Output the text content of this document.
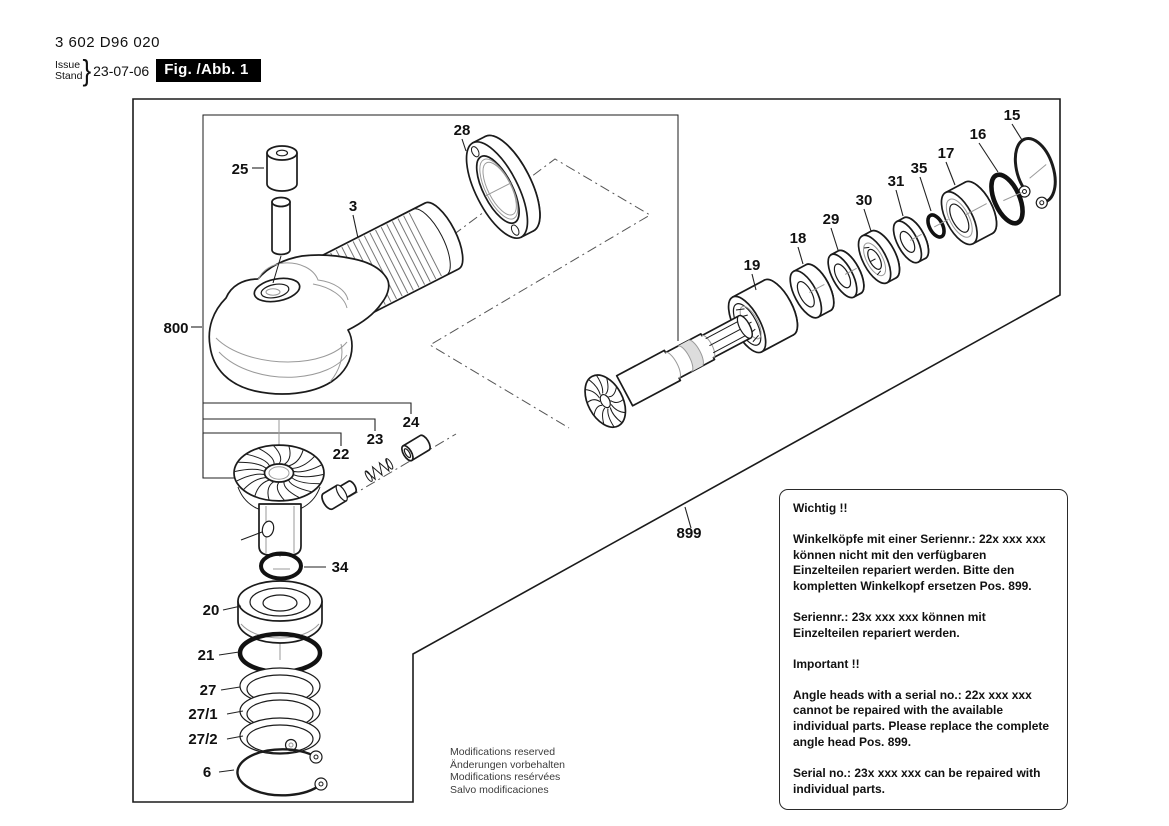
3 602 D96 020
Issue
Stand } 23-07-06	Fig. /Abb. 1
25
3
28
800
24
23
22
34
20
21
27
27/1
27/2
6
899
19
18
29
30
31
35
17
16
15

Wichtig !!

Winkelköpfe mit einer Seriennr.: 22x xxx xxx können nicht mit den verfügbaren Einzelteilen repariert werden. Bitte den kompletten Winkelkopf ersetzen Pos. 899.

Seriennr.: 23x xxx xxx können mit Einzelteilen repariert werden.

Important !!

Angle heads with a serial no.: 22x xxx xxx cannot be repaired with the available individual parts. Please replace the complete angle head Pos. 899.

Serial no.: 23x xxx xxx can be repaired with individual parts.

Modifications reserved
Änderungen vorbehalten
Modifications resérvées
Salvo modificaciones
